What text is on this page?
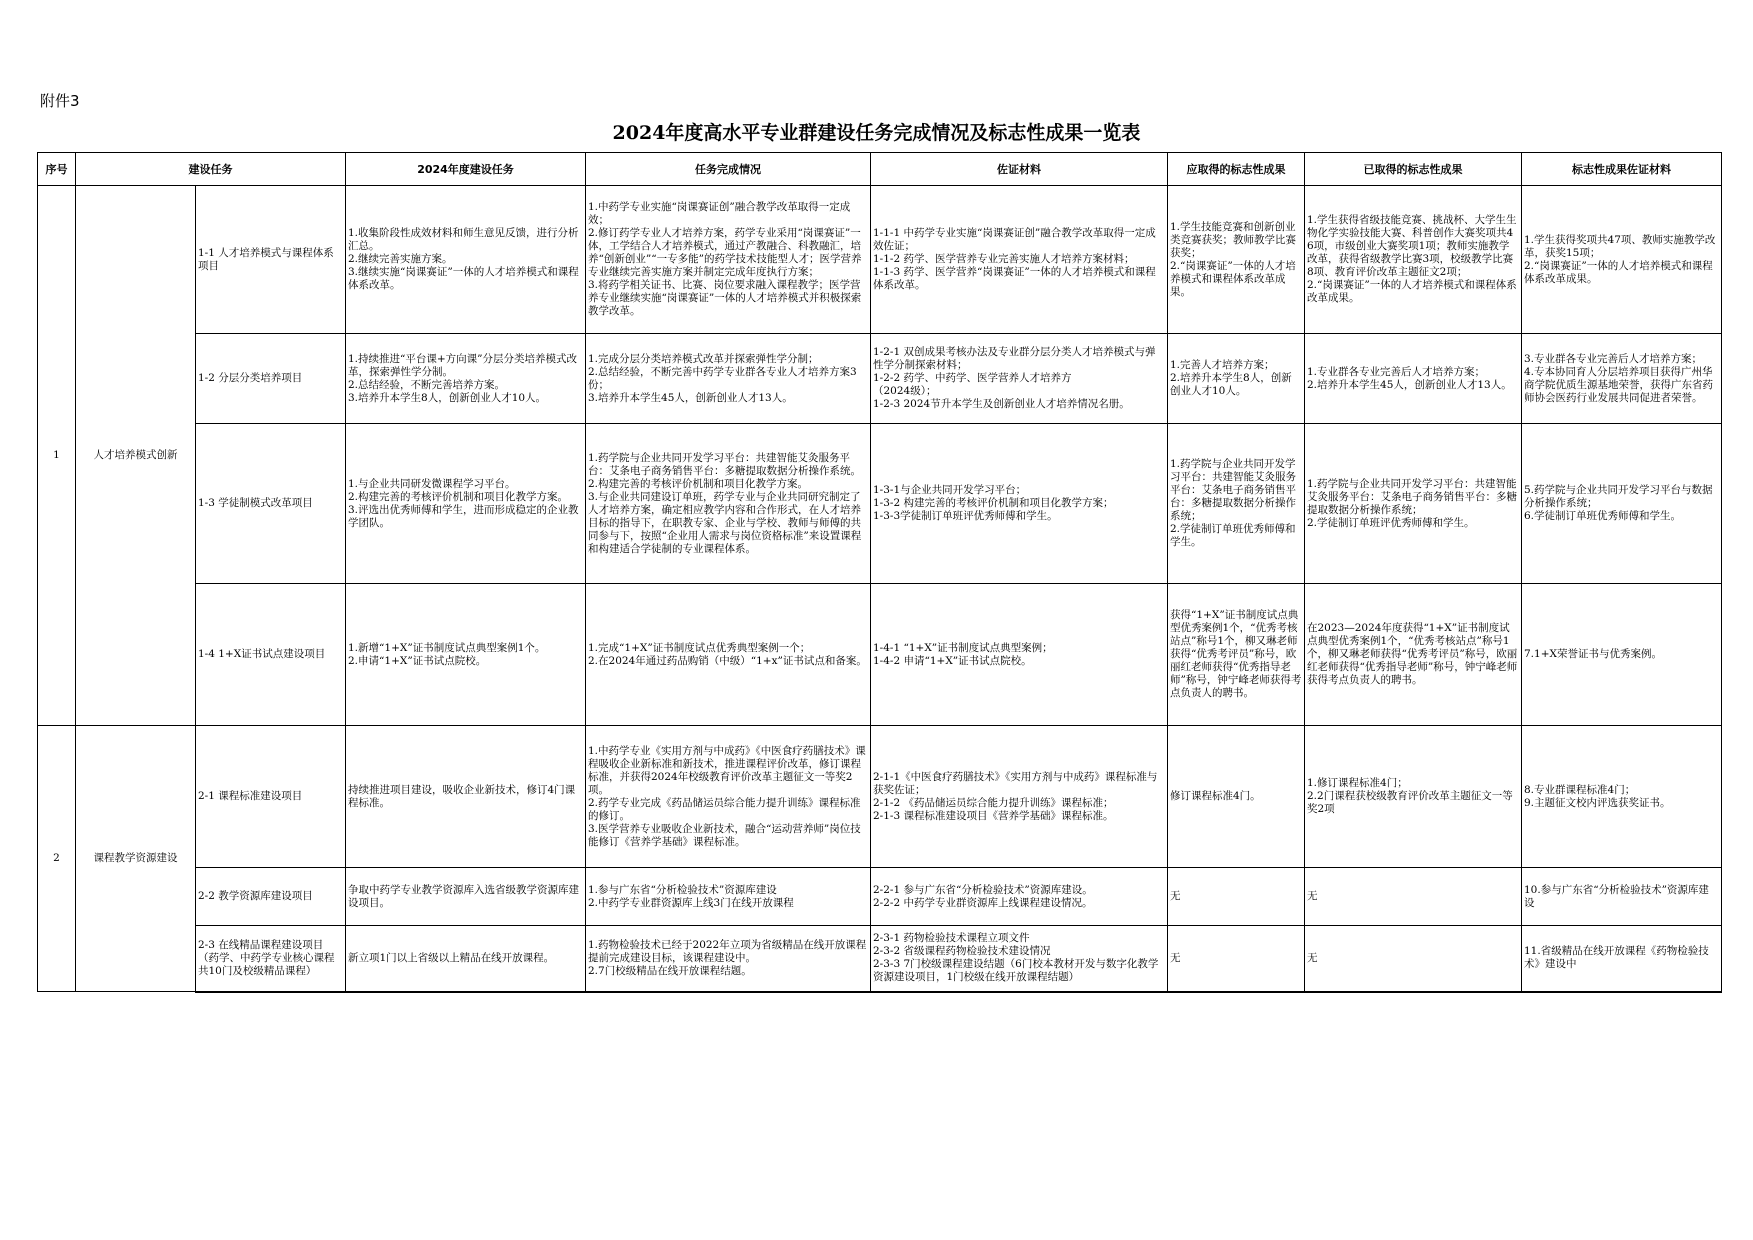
附件3
2024年度高水平专业群建设任务完成情况及标志性成果一览表
序号	建设任务		2024年度建设任务	任务完成情况	佐证材料	应取得的标志性成果	已取得的标志性成果	标志性成果佐证材料
1	人才培养模式创新	1-1 人才培养模式与课程体系项目	1.收集阶段性成效材料和师生意见反馈，进行分析汇总。
2.继续完善实施方案。
3.继续实施“岗课赛证”一体的人才培养模式和课程体系改革。	1.中药学专业实施“岗课赛证创”融合教学改革取得一定成效；
2.修订药学专业人才培养方案，药学专业采用“岗课赛证”一体，工学结合人才培养模式，通过产教融合、科教融汇，培养“创新创业”“一专多能”的药学技术技能型人才；医学营养专业继续完善实施方案并制定完成年度执行方案；
3.将药学相关证书、比赛、岗位要求融入课程教学；医学营养专业继续实施“岗课赛证”一体的人才培养模式并积极探索教学改革。	1-1-1 中药学专业实施“岗课赛证创”融合教学改革取得一定成效佐证；
1-1-2 药学、医学营养专业完善实施人才培养方案材料；
1-1-3 药学、医学营养“岗课赛证”一体的人才培养模式和课程体系改革。	1.学生技能竞赛和创新创业类竞赛获奖；教师教学比赛获奖；
2.“岗课赛证”一体的人才培养模式和课程体系改革成果。	1.学生获得省级技能竞赛、挑战杯、大学生生物化学实验技能大赛、科普创作大赛奖项共46项，市级创业大赛奖项1项；教师实施教学改革，获得省级教学比赛3项，校级教学比赛8项、教育评价改革主题征文2项；
2.“岗课赛证”一体的人才培养模式和课程体系改革成果。	1.学生获得奖项共47项、教师实施教学改革，获奖15项；
2.“岗课赛证”一体的人才培养模式和课程体系改革成果。
		1-2 分层分类培养项目	1.持续推进“平台课+方向课”分层分类培养模式改革，探索弹性学分制。
2.总结经验，不断完善培养方案。
3.培养升本学生8人，创新创业人才10人。	1.完成分层分类培养模式改革并探索弹性学分制；
2.总结经验，不断完善中药学专业群各专业人才培养方案3份；
3.培养升本学生45人，创新创业人才13人。	1-2-1 双创成果考核办法及专业群分层分类人才培养模式与弹性学分制探索材料；
1-2-2 药学、中药学、医学营养人才培养方
（2024级）；
1-2-3 2024节升本学生及创新创业人才培养情况名册。	1.完善人才培养方案；
2.培养升本学生8人，创新创业人才10人。	1.专业群各专业完善后人才培养方案；
2.培养升本学生45人，创新创业人才13人。	3.专业群各专业完善后人才培养方案；
4.专本协同育人分层培养项目获得广州华商学院优质生源基地荣誉，获得广东省药师协会医药行业发展共同促进者荣誉。
		1-3 学徒制模式改革项目	1.与企业共同研发微课程学习平台。
2.构建完善的考核评价机制和项目化教学方案。
3.评选出优秀师傅和学生，进而形成稳定的企业教学团队。	1.药学院与企业共同开发学习平台：共建智能艾灸服务平台：艾条电子商务销售平台：多糖提取数据分析操作系统。
2.构建完善的考核评价机制和项目化教学方案。
3.与企业共同建设订单班，药学专业与企业共同研究制定了人才培养方案，确定相应教学内容和合作形式，在人才培养目标的指导下，在职教专家、企业与学校、教师与师傅的共同参与下，按照“企业用人需求与岗位资格标准”来设置课程和构建适合学徒制的专业课程体系。	1-3-1与企业共同开发学习平台；
1-3-2 构建完善的考核评价机制和项目化教学方案；
1-3-3学徒制订单班评优秀师傅和学生。	1.药学院与企业共同开发学习平台：共建智能艾灸服务平台：艾条电子商务销售平台：多糖提取数据分析操作系统；
2.学徒制订单班优秀师傅和学生。	1.药学院与企业共同开发学习平台：共建智能艾灸服务平台：艾条电子商务销售平台：多糖提取数据分析操作系统；
2.学徒制订单班评优秀师傅和学生。	5.药学院与企业共同开发学习平台与数据分析操作系统；
6.学徒制订单班优秀师傅和学生。
		1-4 1+X证书试点建设项目	1.新增“1+X”证书制度试点典型案例1个。
2.申请“1+X”证书试点院校。	1.完成“1+X”证书制度试点优秀典型案例一个；
2.在2024年通过药品购销（中级）“1+x”证书试点和备案。	1-4-1 “1+X”证书制度试点典型案例；
1-4-2 申请“1+X”证书试点院校。	获得“1+X”证书制度试点典型优秀案例1个，“优秀考核站点”称号1个，柳又琳老师获得“优秀考评员”称号，欧丽红老师获得“优秀指导老师”称号，钟宁峰老师获得考点负责人的聘书。	在2023—2024年度获得“1+X”证书制度试点典型优秀案例1个，“优秀考核站点”称号1个，柳又琳老师获得“优秀考评员”称号，欧丽红老师获得“优秀指导老师”称号，钟宁峰老师获得考点负责人的聘书。	7.1+X荣誉证书与优秀案例。
2	课程教学资源建设	2-1 课程标准建设项目	持续推进项目建设，吸收企业新技术，修订4门课程标准。	1.中药学专业《实用方剂与中成药》《中医食疗药膳技术》课程吸收企业新标准和新技术，推进课程评价改革，修订课程标准，并获得2024年校级教育评价改革主题征文一等奖2项。
2.药学专业完成《药品储运员综合能力提升训练》课程标准的修订。
3.医学营养专业吸收企业新技术，融合“运动营养师”岗位技能修订《营养学基础》课程标准。	2-1-1《中医食疗药膳技术》《实用方剂与中成药》课程标准与获奖佐证；
2-1-2 《药品储运员综合能力提升训练》课程标准；
2-1-3 课程标准建设项目《营养学基础》课程标准。	修订课程标准4门。	1.修订课程标准4门；
2.2门课程获校级教育评价改革主题征文一等奖2项	8.专业群课程标准4门；
9.主题征文校内评选获奖证书。
		2-2 教学资源库建设项目	争取中药学专业教学资源库入选省级教学资源库建设项目。	1.参与广东省“分析检验技术”资源库建设
2.中药学专业群资源库上线3门在线开放课程	2-2-1 参与广东省“分析检验技术”资源库建设。
2-2-2 中药学专业群资源库上线课程建设情况。	无	无	10.参与广东省“分析检验技术”资源库建设
		2-3 在线精品课程建设项目（药学、中药学专业核心课程共10门及校级精品课程）	新立项1门以上省级以上精品在线开放课程。	1.药物检验技术已经于2022年立项为省级精品在线开放课程提前完成建设目标，该课程建设中。
2.7门校级精品在线开放课程结题。	2-3-1 药物检验技术课程立项文件
2-3-2 省级课程药物检验技术建设情况
2-3-3 7门校级课程建设结题（6门校本教材开发与数字化教学资源建设项目，1门校级在线开放课程结题）	无	无	11.省级精品在线开放课程《药物检验技术》建设中
